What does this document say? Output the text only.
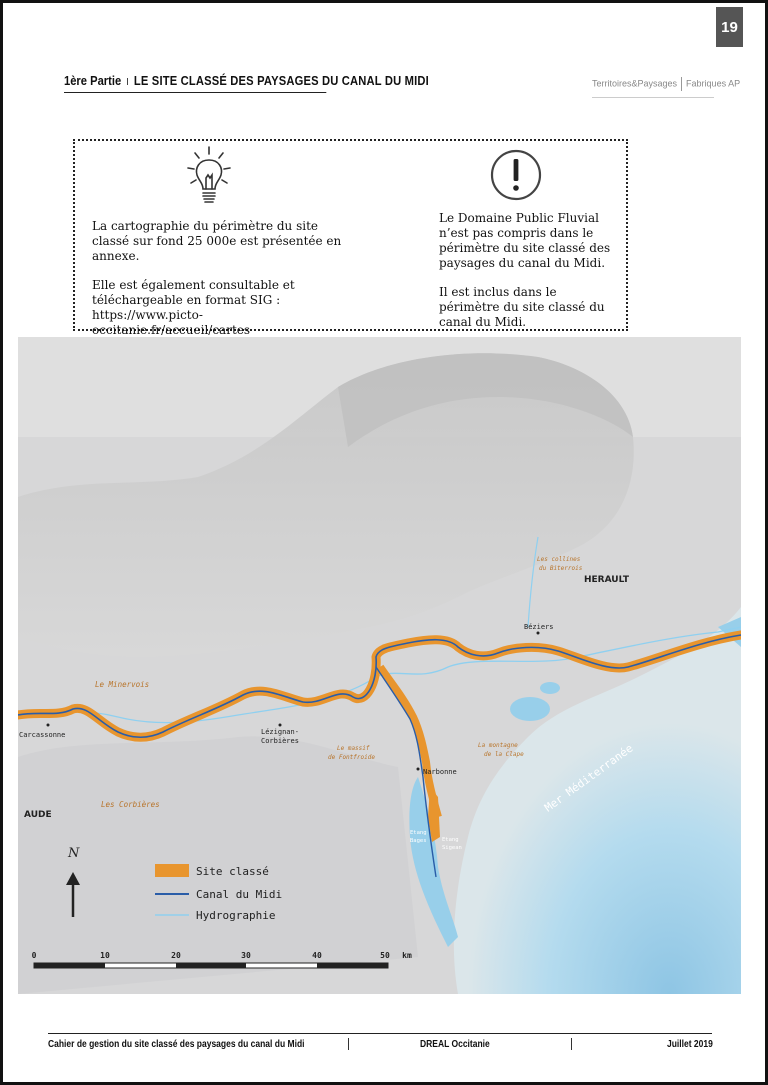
19
1ère Partie I LE SITE CLASSÉ DES PAYSAGES DU CANAL DU MIDI	Territoires&Paysages Fabriques AP

La cartographie du périmètre du site classé sur fond 25 000e est présentée en annexe.

Elle est également consultable et téléchargeable en format SIG :

https://www.picto-occitanie.fr/accueil/cartes

Le Domaine Public Fluvial n’est pas compris dans le périmètre du site classé des paysages du canal du Midi.

Il est inclus dans le périmètre du site classé du canal du Midi.

Carcassonne	Lézignan-
Corbières
Narbonne
Béziers
Etang
Bages	Etang
Sigean
HERAULT
AUDE
Le Minervois
Les Corbières
Le massif
de Fontfroide
La montagne
de la Clape
Les collines
du Biterrois
Mer Méditerranée
N
Site classé
Canal du Midi
Hydrographie
0	10	20	30	40	50 km
Cahier de gestion du site classé des paysages du canal du Midi	DREAL Occitanie	Juillet 2019
